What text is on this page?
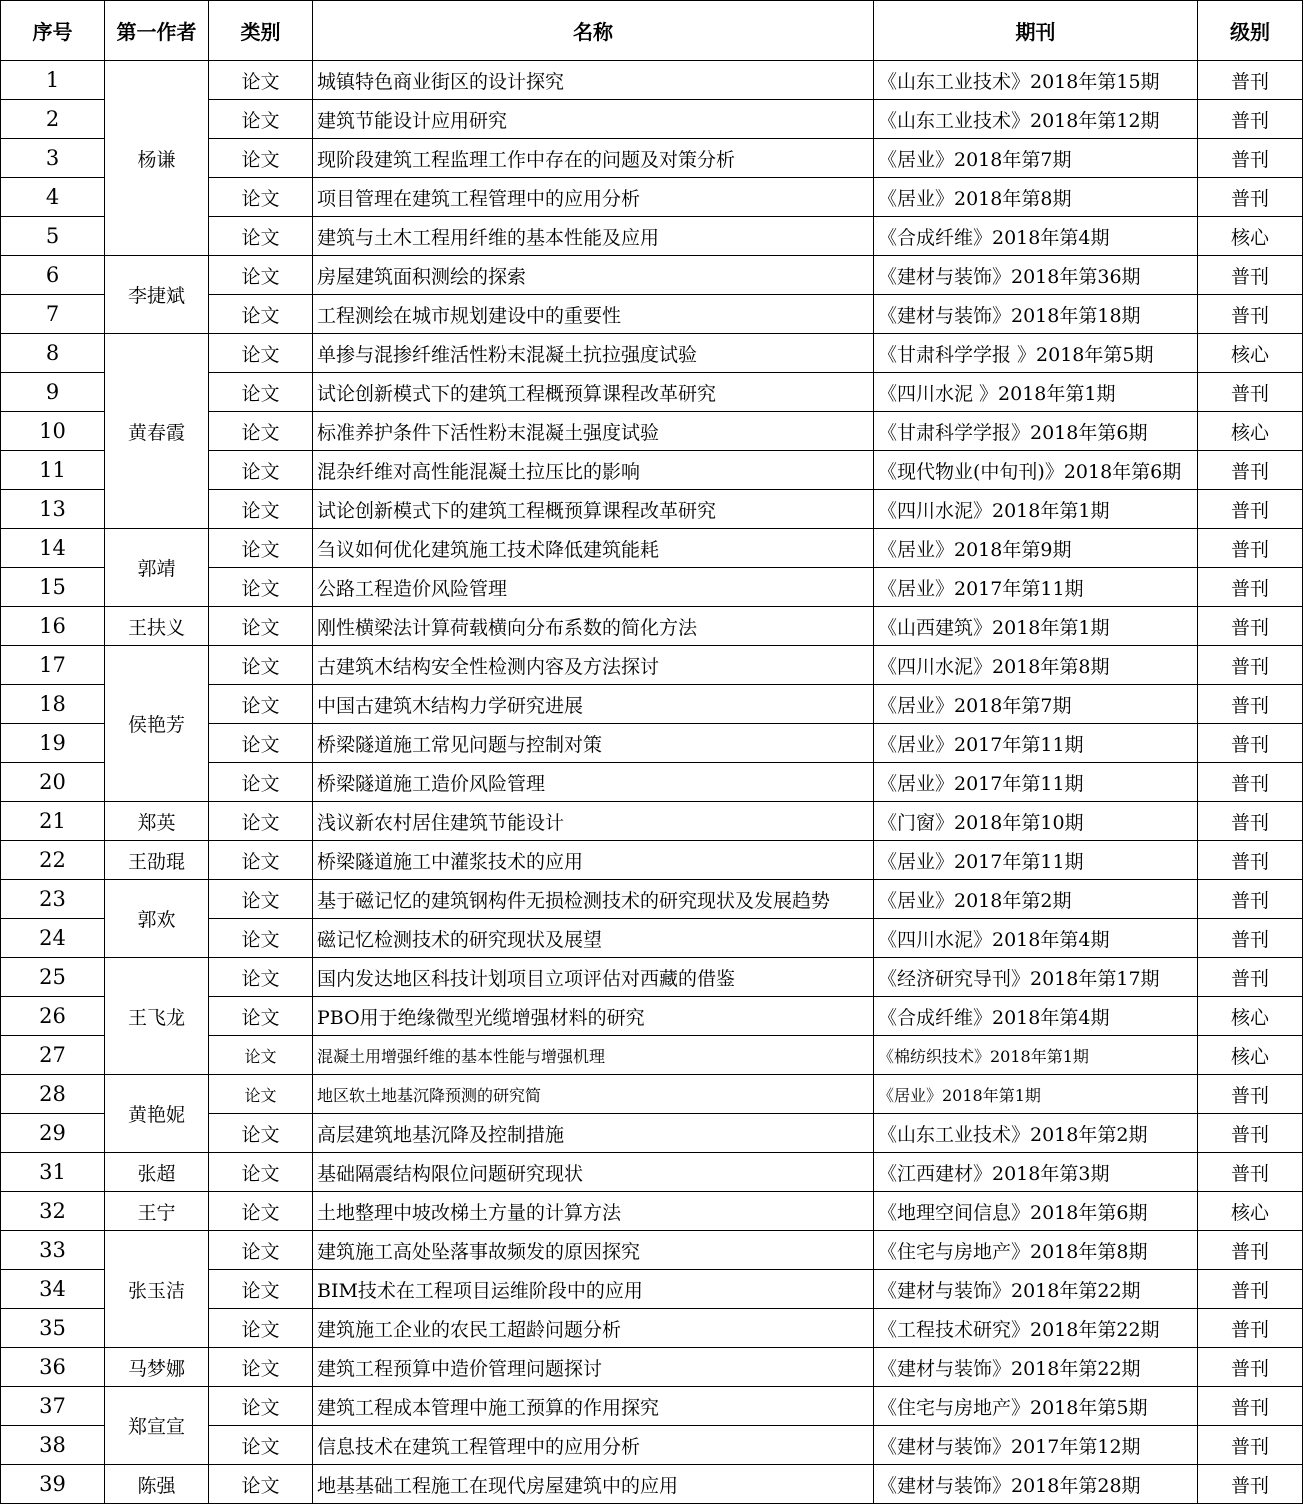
序号	第一作者	类别	名称	期刊	级别
1	杨谦	论文	城镇特色商业街区的设计探究	《山东工业技术》2018年第15期	普刊
2		论文	建筑节能设计应用研究	《山东工业技术》2018年第12期	普刊
3		论文	现阶段建筑工程监理工作中存在的问题及对策分析	《居业》2018年第7期	普刊
4		论文	项目管理在建筑工程管理中的应用分析	《居业》2018年第8期	普刊
5		论文	建筑与土木工程用纤维的基本性能及应用	《合成纤维》2018年第4期	核心
6	李捷斌	论文	房屋建筑面积测绘的探索	《建材与装饰》2018年第36期	普刊
7		论文	工程测绘在城市规划建设中的重要性	《建材与装饰》2018年第18期	普刊
8	黄春霞	论文	单掺与混掺纤维活性粉末混凝土抗拉强度试验	《甘肃科学学报 》2018年第5期	核心
9		论文	试论创新模式下的建筑工程概预算课程改革研究	《四川水泥 》2018年第1期	普刊
10		论文	标准养护条件下活性粉末混凝土强度试验	《甘肃科学学报》2018年第6期	核心
11		论文	混杂纤维对高性能混凝土拉压比的影响	《现代物业(中旬刊)》2018年第6期	普刊
13		论文	试论创新模式下的建筑工程概预算课程改革研究	《四川水泥》2018年第1期	普刊
14	郭靖	论文	刍议如何优化建筑施工技术降低建筑能耗	《居业》2018年第9期	普刊
15		论文	公路工程造价风险管理	《居业》2017年第11期	普刊
16	王扶义	论文	刚性横梁法计算荷载横向分布系数的简化方法	《山西建筑》2018年第1期	普刊
17	侯艳芳	论文	古建筑木结构安全性检测内容及方法探讨	《四川水泥》2018年第8期	普刊
18		论文	中国古建筑木结构力学研究进展	《居业》2018年第7期	普刊
19		论文	桥梁隧道施工常见问题与控制对策	《居业》2017年第11期	普刊
20		论文	桥梁隧道施工造价风险管理	《居业》2017年第11期	普刊
21	郑英	论文	浅议新农村居住建筑节能设计	《门窗》2018年第10期	普刊
22	王劭琨	论文	桥梁隧道施工中灌浆技术的应用	《居业》2017年第11期	普刊
23	郭欢	论文	基于磁记忆的建筑钢构件无损检测技术的研究现状及发展趋势	《居业》2018年第2期	普刊
24		论文	磁记忆检测技术的研究现状及展望	《四川水泥》2018年第4期	普刊
25	王飞龙	论文	国内发达地区科技计划项目立项评估对西藏的借鉴	《经济研究导刊》2018年第17期	普刊
26		论文	PBO用于绝缘微型光缆增强材料的研究	《合成纤维》2018年第4期	核心
27		论文	混凝土用增强纤维的基本性能与增强机理	《棉纺织技术》2018年第1期	核心
28	黄艳妮	论文	地区软土地基沉降预测的研究简	《居业》2018年第1期	普刊
29		论文	高层建筑地基沉降及控制措施	《山东工业技术》2018年第2期	普刊
31	张超	论文	基础隔震结构限位问题研究现状	《江西建材》2018年第3期	普刊
32	王宁	论文	土地整理中坡改梯土方量的计算方法	《地理空间信息》2018年第6期	核心
33	张玉洁	论文	建筑施工高处坠落事故频发的原因探究	《住宅与房地产》2018年第8期	普刊
34		论文	BIM技术在工程项目运维阶段中的应用	《建材与装饰》2018年第22期	普刊
35		论文	建筑施工企业的农民工超龄问题分析	《工程技术研究》2018年第22期	普刊
36	马梦娜	论文	建筑工程预算中造价管理问题探讨	《建材与装饰》2018年第22期	普刊
37	郑宣宣	论文	建筑工程成本管理中施工预算的作用探究	《住宅与房地产》2018年第5期	普刊
38		论文	信息技术在建筑工程管理中的应用分析	《建材与装饰》2017年第12期	普刊
39	陈强	论文	地基基础工程施工在现代房屋建筑中的应用	《建材与装饰》2018年第28期	普刊
